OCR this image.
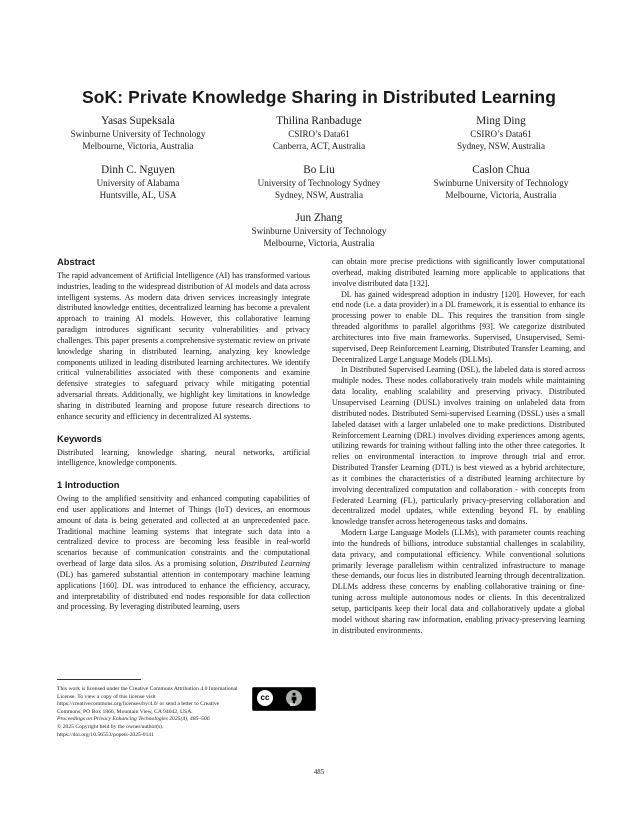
SoK: Private Knowledge Sharing in Distributed Learning
Yasas Supeksala
Swinburne University of Technology
Melbourne, Victoria, Australia
Thilina Ranbaduge
CSIRO’s Data61
Canberra, ACT, Australia
Ming Ding
CSIRO’s Data61
Sydney, NSW, Australia
Dinh C. Nguyen
University of Alabama
Huntsville, AL, USA
Bo Liu
University of Technology Sydney
Sydney, NSW, Australia
Caslon Chua
Swinburne University of Technology
Melbourne, Victoria, Australia
Jun Zhang
Swinburne University of Technology
Melbourne, Victoria, Australia
Abstract

The rapid advancement of Artificial Intelligence (AI) has transformed various industries, leading to the widespread distribution of AI models and data across intelligent systems. As modern data driven services increasingly integrate distributed knowledge entities, decentralized learning has become a prevalent approach to training AI models. However, this collaborative learning paradigm introduces significant security vulnerabilities and privacy challenges. This paper presents a comprehensive systematic review on private knowledge sharing in distributed learning, analyzing key knowledge components utilized in leading distributed learning architectures. We identify critical vulnerabilities associated with these components and examine defensive strategies to safeguard privacy while mitigating potential adversarial threats. Additionally, we highlight key limitations in knowledge sharing in distributed learning and propose future research directions to enhance security and efficiency in decentralized AI systems.

Keywords

Distributed learning, knowledge sharing, neural networks, artificial intelligence, knowledge components.

1 Introduction

Owing to the amplified sensitivity and enhanced computing capabilities of end user applications and Internet of Things (IoT) devices, an enormous amount of data is being generated and collected at an unprecedented pace. Traditional machine learning systems that integrate such data into a centralized device to process are becoming less feasible in real-world scenarios because of communication constraints and the computational overhead of large data silos. As a promising solution, Distributed Learning (DL) has garnered substantial attention in contemporary machine learning applications [160]. DL was introduced to enhance the efficiency, accuracy, and interpretability of distributed end nodes responsible for data collection and processing. By leveraging distributed learning, users

can obtain more precise predictions with significantly lower computational overhead, making distributed learning more applicable to applications that involve distributed data [132].

DL has gained widespread adoption in industry [120]. However, for each end node (i.e. a data provider) in a DL framework, it is essential to enhance its processing power to enable DL. This requires the transition from single threaded algorithms to parallel algorithms [93]. We categorize distributed architectures into five main frameworks. Supervised, Unsupervised, Semi-supervised, Deep Reinforcement Learning, Distributed Transfer Learning, and Decentralized Large Language Models (DLLMs).

In Distributed Supervised Learning (DSL), the labeled data is stored across multiple nodes. These nodes collaboratively train models while maintaining data locality, enabling scalability and preserving privacy. Distributed Unsupervised Learning (DUSL) involves training on unlabeled data from distributed nodes. Distributed Semi-supervised Learning (DSSL) uses a small labeled dataset with a larger unlabeled one to make predictions. Distributed Reinforcement Learning (DRL) involves dividing experiences among agents, utilizing rewards for training without falling into the other three categories. It relies on environmental interaction to improve through trial and error. Distributed Transfer Learning (DTL) is best viewed as a hybrid architecture, as it combines the characteristics of a distributed learning architecture by involving decentralized computation and collaboration - with concepts from Federated Learning (FL), particularly privacy-preserving collaboration and decentralized model updates, while extending beyond FL by enabling knowledge transfer across heterogeneous tasks and domains.

Modern Large Language Models (LLMs), with parameter counts reaching into the hundreds of billions, introduce substantial challenges in scalability, data privacy, and computational efficiency. While conventional solutions primarily leverage parallelism within centralized infrastructure to manage these demands, our focus lies in distributed learning through decentralization. DLLMs address these concerns by enabling collaborative training or fine-tuning across multiple autonomous nodes or clients. In this decentralized setup, participants keep their local data and collaboratively update a global model without sharing raw information, enabling privacy-preserving learning in distributed environments.

This work is licensed under the Creative Commons Attribution 4.0 International License. To view a copy of this license visit https://creativecommons.org/licenses/by/4.0/ or send a letter to Creative Commons, PO Box 1866, Mountain View, CA 94042, USA.
cc
BY
Proceedings on Privacy Enhancing Technologies 2025(4), 485–506
© 2025 Copyright held by the owner/author(s).
https://doi.org/10.56553/popets-2025-0141
485
